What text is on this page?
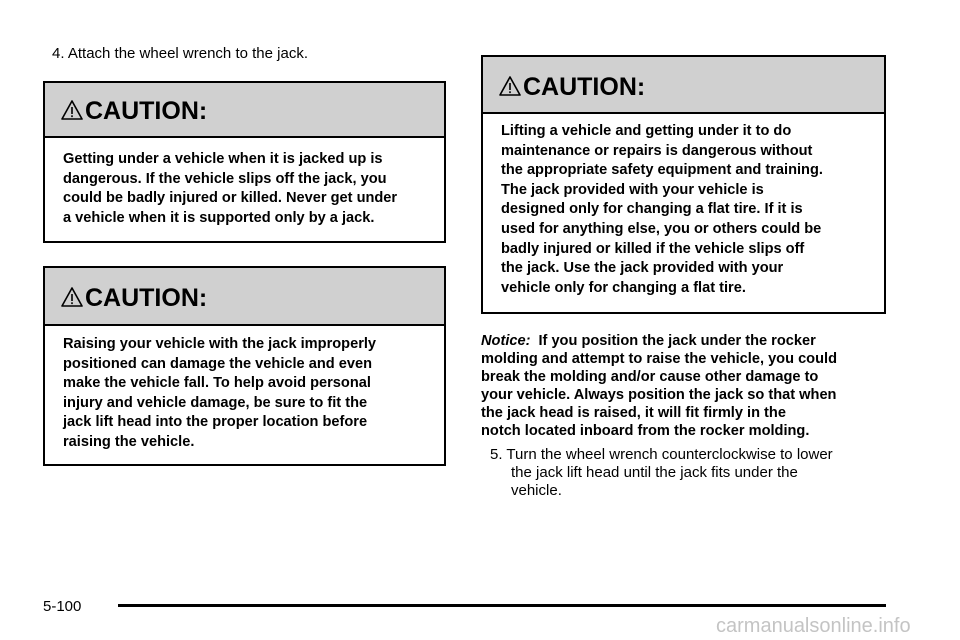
4. Attach the wheel wrench to the jack.
CAUTION:
Getting under a vehicle when it is jacked up is
dangerous. If the vehicle slips off the jack, you
could be badly injured or killed. Never get under
a vehicle when it is supported only by a jack.
CAUTION:
Raising your vehicle with the jack improperly
positioned can damage the vehicle and even
make the vehicle fall. To help avoid personal
injury and vehicle damage, be sure to fit the
jack lift head into the proper location before
raising the vehicle.
CAUTION:
Lifting a vehicle and getting under it to do
maintenance or repairs is dangerous without
the appropriate safety equipment and training.
The jack provided with your vehicle is
designed only for changing a flat tire. If it is
used for anything else, you or others could be
badly injured or killed if the vehicle slips off
the jack. Use the jack provided with your
vehicle only for changing a flat tire.
Notice: If you position the jack under the rocker
molding and attempt to raise the vehicle, you could
break the molding and/or cause other damage to
your vehicle. Always position the jack so that when
the jack head is raised, it will fit firmly in the
notch located inboard from the rocker molding.
5. Turn the wheel wrench counterclockwise to lower
the jack lift head until the jack fits under the
vehicle.
5-100
carmanualsonline.info
